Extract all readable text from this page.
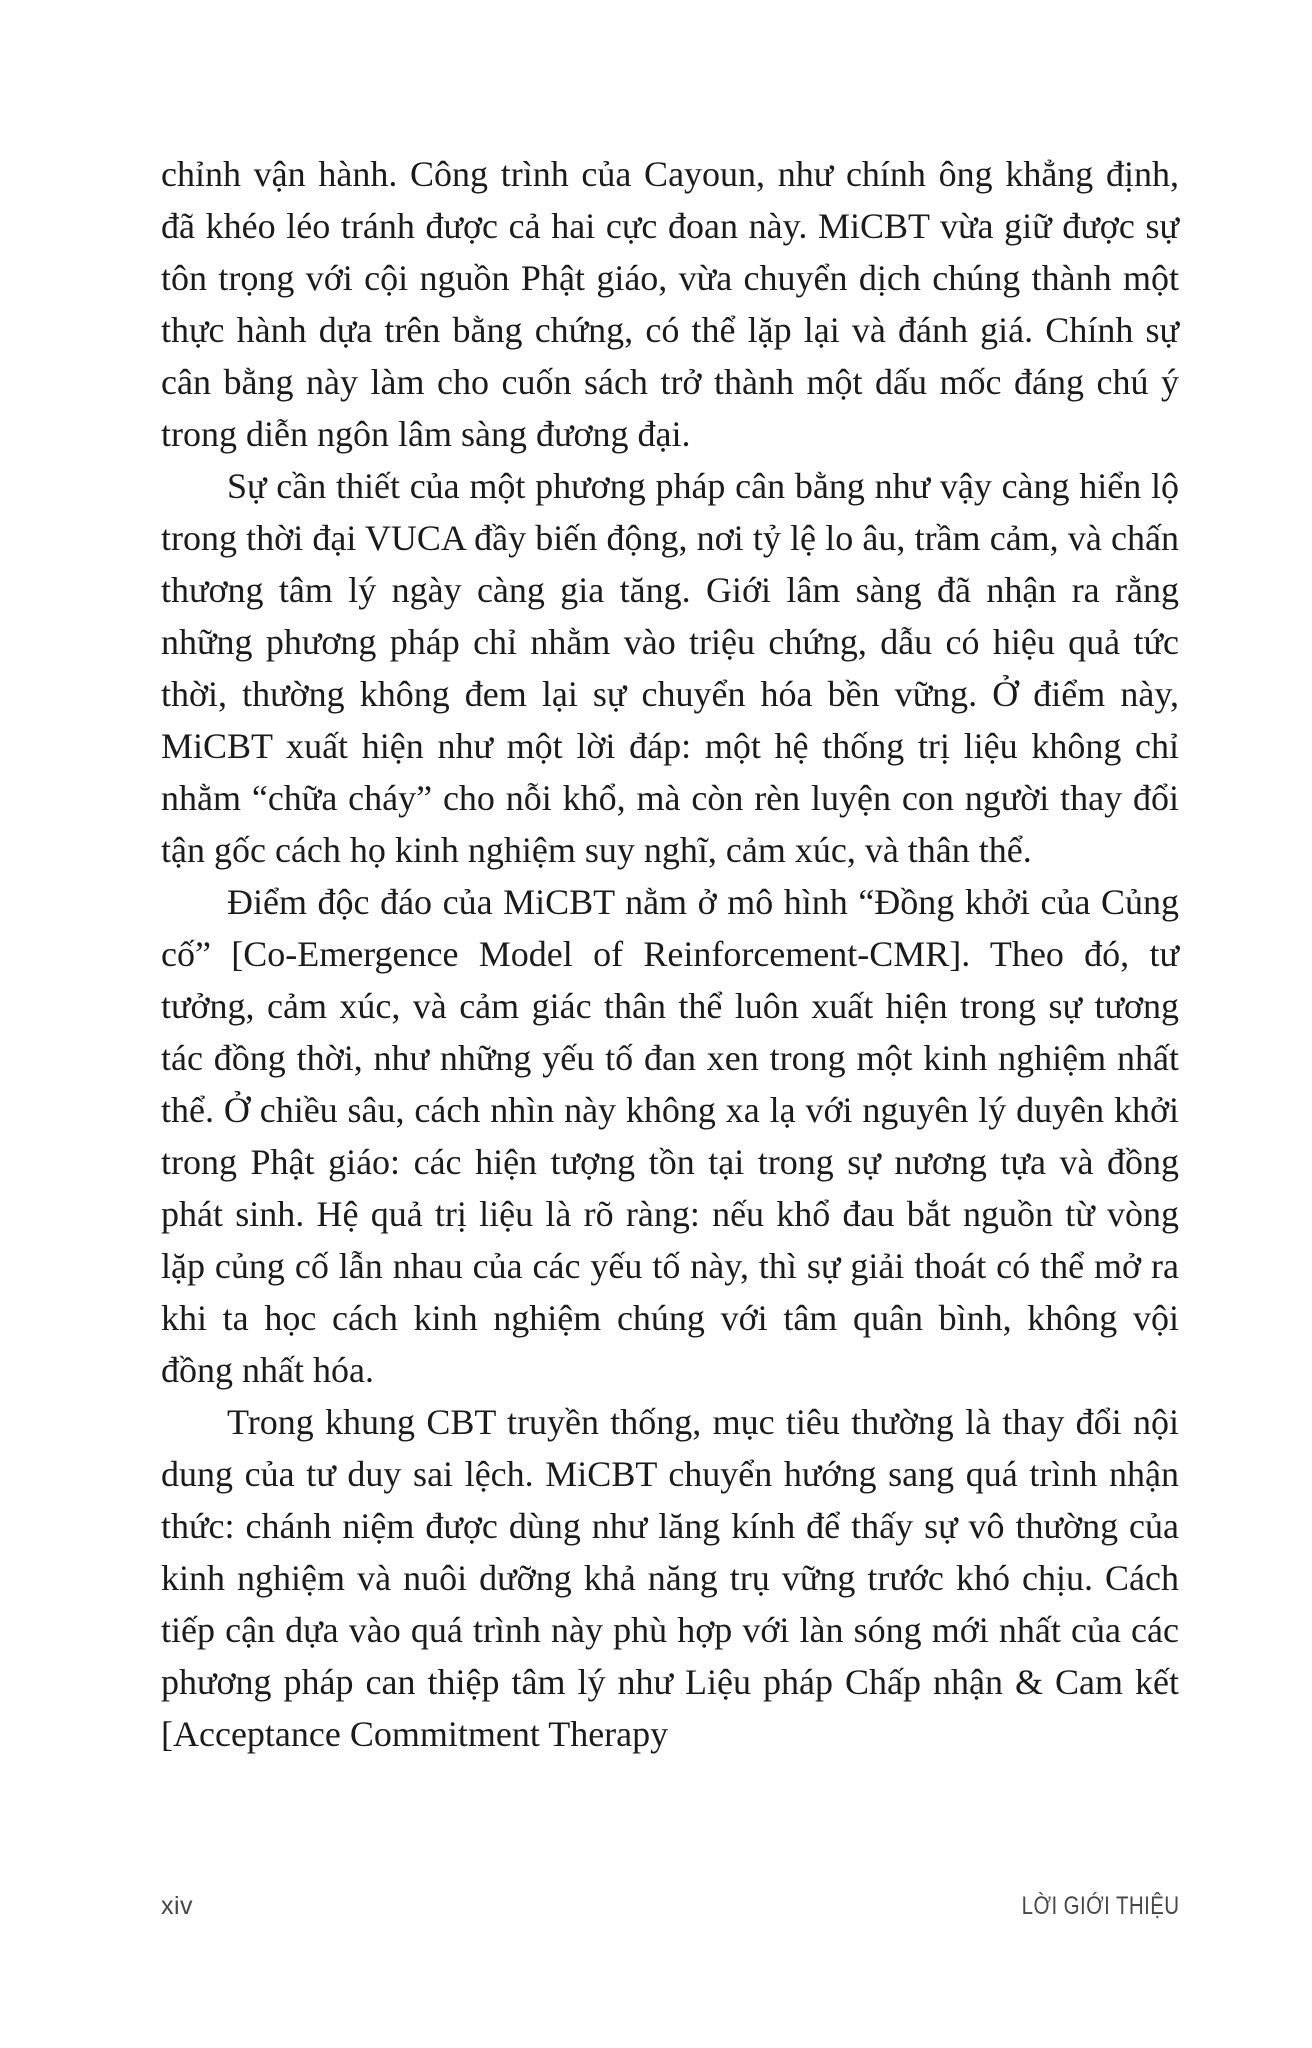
chỉnh vận hành. Công trình của Cayoun, như chính ông khẳng định, đã khéo léo tránh được cả hai cực đoan này. MiCBT vừa giữ được sự tôn trọng với cội nguồn Phật giáo, vừa chuyển dịch chúng thành một thực hành dựa trên bằng chứng, có thể lặp lại và đánh giá. Chính sự cân bằng này làm cho cuốn sách trở thành một dấu mốc đáng chú ý trong diễn ngôn lâm sàng đương đại.

Sự cần thiết của một phương pháp cân bằng như vậy càng hiển lộ trong thời đại VUCA đầy biến động, nơi tỷ lệ lo âu, trầm cảm, và chấn thương tâm lý ngày càng gia tăng. Giới lâm sàng đã nhận ra rằng những phương pháp chỉ nhằm vào triệu chứng, dẫu có hiệu quả tức thời, thường không đem lại sự chuyển hóa bền vững. Ở điểm này, MiCBT xuất hiện như một lời đáp: một hệ thống trị liệu không chỉ nhằm “chữa cháy” cho nỗi khổ, mà còn rèn luyện con người thay đổi tận gốc cách họ kinh nghiệm suy nghĩ, cảm xúc, và thân thể.

Điểm độc đáo của MiCBT nằm ở mô hình “Đồng khởi của Củng cố” [Co-Emergence Model of Reinforcement-CMR]. Theo đó, tư tưởng, cảm xúc, và cảm giác thân thể luôn xuất hiện trong sự tương tác đồng thời, như những yếu tố đan xen trong một kinh nghiệm nhất thể. Ở chiều sâu, cách nhìn này không xa lạ với nguyên lý duyên khởi trong Phật giáo: các hiện tượng tồn tại trong sự nương tựa và đồng phát sinh. Hệ quả trị liệu là rõ ràng: nếu khổ đau bắt nguồn từ vòng lặp củng cố lẫn nhau của các yếu tố này, thì sự giải thoát có thể mở ra khi ta học cách kinh nghiệm chúng với tâm quân bình, không vội đồng nhất hóa.

Trong khung CBT truyền thống, mục tiêu thường là thay đổi nội dung của tư duy sai lệch. MiCBT chuyển hướng sang quá trình nhận thức: chánh niệm được dùng như lăng kính để thấy sự vô thường của kinh nghiệm và nuôi dưỡng khả năng trụ vững trước khó chịu. Cách tiếp cận dựa vào quá trình này phù hợp với làn sóng mới nhất của các phương pháp can thiệp tâm lý như Liệu pháp Chấp nhận & Cam kết [Acceptance Commitment Therapy

xiv	LỜI GIỚI THIỆU
